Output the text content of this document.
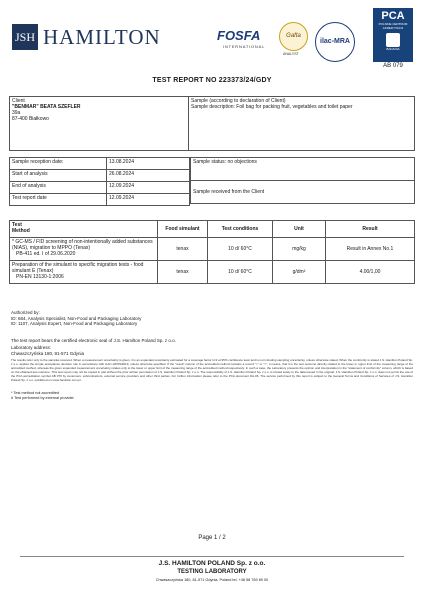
JSH HAMILTON	FOSFA
INTERNATIONAL
Gafta
ANALYST
ilac-MRA
PCA
POLSKIE CENTRUM
AKREDYTACJI
BADANIA
AB 079
TEST REPORT NO 223373/24/GDY
Client
"BENMAR" BEATA SZEFLER
39a
87-400 Białkowo

Sample (according to declaration of Client)
Sample description: Foil bag for packing fruit, vegetables and toilet paper
Sample reception date:	13.08.2024
Start of analysis	26.08.2024
End of analysis	12.09.2024
Test report date	12.09.2024
Sample status: no objections
Sample received from the Client
Test
Method	Food simulant	Test conditions	Unit	Result

* GC-MS / FID screening of non-intentionally added substances (NIAS), migration to MPPO (Tenax)
PB-411 ed. I of 29.06.2020	tenax	10 d/ 60°C	mg/kg	Result in Annex No.1

Preparation of the simulant to specific migration tests - food simulant E (Tenax)
PN-EN 13130-1:2006	tenax	10 d/ 60°C	g/dm²	4.00/1,00
Authorized by:
ID: 684, Analysis Specialist, Non-Food and Packaging Laboratory
ID: 1107, Analysis Expert, Non-Food and Packaging Laboratory
The test report bears the certified electronic seal of J.S. Hamilton Poland Sp. z o.o.
Laboratory address:
Chwaszczyńska 180, 81-571 Gdynia
The results refer only to the samples received. When a measurement uncertainty is given, it is an expanded uncertainty estimated for a coverage factor k=2 at 95% confidence level and is not including sampling uncertainty, unless otherwise stated. When the conformity is stated J.S. Hamilton Poland Sp. z o.o. applies the simple acceptance decision rule in accordance with ILAC-G8:09/2019, unless otherwise specified. If the "result" column of the accredited method contains a record "<" or ">", it means, that it is the test outcome directly related to the lower or upper limit of the measuring range of the accredited method, whereas the given expanded measurement uncertainty relates only to the lower or upper limit of the measuring range of the accredited method respectively. In such a case, the Laboratory presents the opinion and interpretation in the "statement of conformity" column, which is based on the obtained test outcome. This test report may not be copied in part without the prior written permission of J.S. Hamilton Poland Sp. z o.o. The responsibility of J.S. Hamilton Poland Sp. z o.o. is limited solely to the data issued in the original. J.S. Hamilton Poland Sp. z o.o. does not permit the use of the PCA accreditation symbol AB 079 by customers, subcontractors, external service providers and other third parties. For further information please refer to the PCA document DA-06. The service performed by this report is subject to the General Terms and Conditions of Services of J.S. Hamilton Poland Sp. z o.o. published on www.hamilton.com.pl.
* Test method not accredited
# Test performed by external provider
Page 1 / 2
J.S. HAMILTON POLAND Sp. z o.o.
TESTING LABORATORY
Chwaszczyńska 180, 81-571 Gdynia, Poland tel. +48 58 769 69 00
